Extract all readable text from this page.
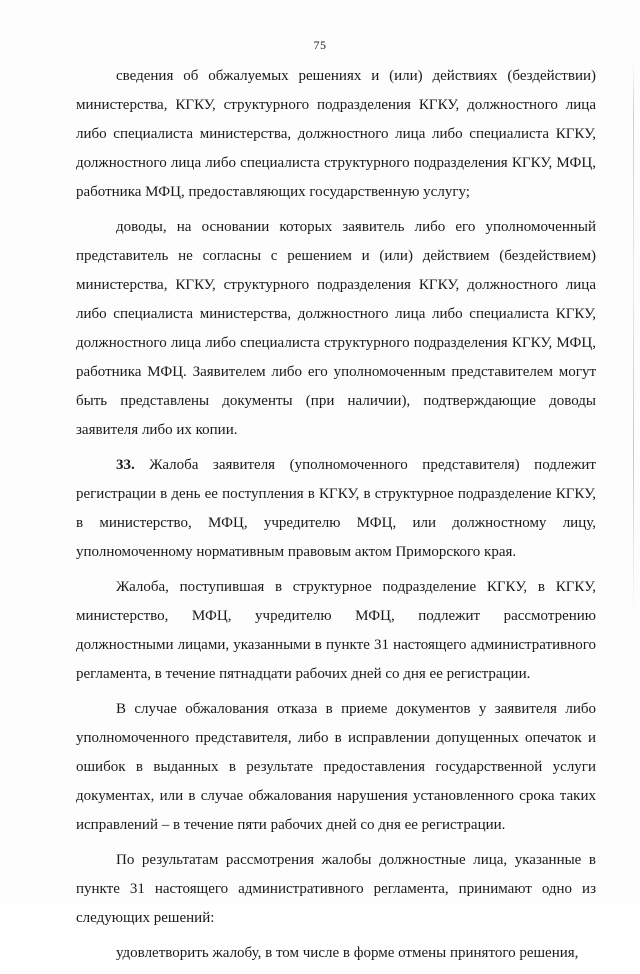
75

сведения об обжалуемых решениях и (или) действиях (бездействии) министерства, КГКУ, структурного подразделения КГКУ, должностного лица либо специалиста министерства, должностного лица либо специалиста КГКУ, должностного лица либо специалиста структурного подразделения КГКУ, МФЦ, работника МФЦ, предоставляющих государственную услугу;

доводы, на основании которых заявитель либо его уполномоченный представитель не согласны с решением и (или) действием (бездействием) министерства, КГКУ, структурного подразделения КГКУ, должностного лица либо специалиста министерства, должностного лица либо специалиста КГКУ, должностного лица либо специалиста структурного подразделения КГКУ, МФЦ, работника МФЦ. Заявителем либо его уполномоченным представителем могут быть представлены документы (при наличии), подтверждающие доводы заявителя либо их копии.

33. Жалоба заявителя (уполномоченного представителя) подлежит регистрации в день ее поступления в КГКУ, в структурное подразделение КГКУ, в министерство, МФЦ, учредителю МФЦ, или должностному лицу, уполномоченному нормативным правовым актом Приморского края.

Жалоба, поступившая в структурное подразделение КГКУ, в КГКУ, министерство, МФЦ, учредителю МФЦ, подлежит рассмотрению должностными лицами, указанными в пункте 31 настоящего административного регламента, в течение пятнадцати рабочих дней со дня ее регистрации.

В случае обжалования отказа в приеме документов у заявителя либо уполномоченного представителя, либо в исправлении допущенных опечаток и ошибок в выданных в результате предоставления государственной услуги документах, или в случае обжалования нарушения установленного срока таких исправлений – в течение пяти рабочих дней со дня ее регистрации.

По результатам рассмотрения жалобы должностные лица, указанные в пункте 31 настоящего административного регламента, принимают одно из следующих решений:

удовлетворить жалобу, в том числе в форме отмены принятого решения,
